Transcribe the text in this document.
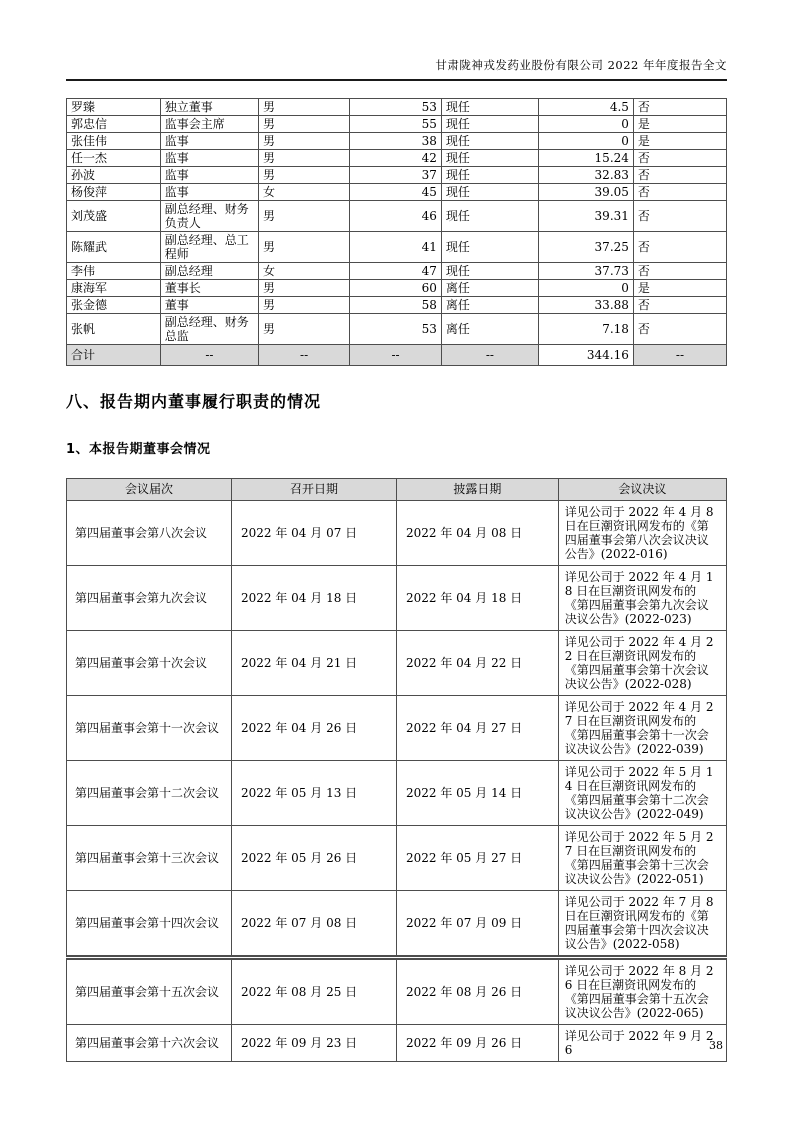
甘肃陇神戎发药业股份有限公司 2022 年年度报告全文
罗臻	独立董事	男	53	现任	4.5	否
郭忠信	监事会主席	男	55	现任	0	是
张佳伟	监事	男	38	现任	0	是
任一杰	监事	男	42	现任	15.24	否
孙波	监事	男	37	现任	32.83	否
杨俊萍	监事	女	45	现任	39.05	否
刘茂盛	副总经理、财务负责人	男	46	现任	39.31	否
陈耀武	副总经理、总工程师	男	41	现任	37.25	否
李伟	副总经理	女	47	现任	37.73	否
康海军	董事长	男	60	离任	0	是
张金德	董事	男	58	离任	33.88	否
张帆	副总经理、财务总监	男	53	离任	7.18	否
合计	--	--	--	--	344.16	--
八、报告期内董事履行职责的情况
1、本报告期董事会情况
会议届次	召开日期	披露日期	会议决议
第四届董事会第八次会议	2022 年 04 月 07 日	2022 年 04 月 08 日	详见公司于 2022 年 4 月 8 日在巨潮资讯网发布的《第四届董事会第八次会议决议公告》(2022-016)
第四届董事会第九次会议	2022 年 04 月 18 日	2022 年 04 月 18 日	详见公司于 2022 年 4 月 18 日在巨潮资讯网发布的《第四届董事会第九次会议决议公告》(2022-023)
第四届董事会第十次会议	2022 年 04 月 21 日	2022 年 04 月 22 日	详见公司于 2022 年 4 月 22 日在巨潮资讯网发布的《第四届董事会第十次会议决议公告》(2022-028)
第四届董事会第十一次会议	2022 年 04 月 26 日	2022 年 04 月 27 日	详见公司于 2022 年 4 月 27 日在巨潮资讯网发布的《第四届董事会第十一次会议决议公告》(2022-039)
第四届董事会第十二次会议	2022 年 05 月 13 日	2022 年 05 月 14 日	详见公司于 2022 年 5 月 14 日在巨潮资讯网发布的《第四届董事会第十二次会议决议公告》(2022-049)
第四届董事会第十三次会议	2022 年 05 月 26 日	2022 年 05 月 27 日	详见公司于 2022 年 5 月 27 日在巨潮资讯网发布的《第四届董事会第十三次会议决议公告》(2022-051)
第四届董事会第十四次会议	2022 年 07 月 08 日	2022 年 07 月 09 日	详见公司于 2022 年 7 月 8 日在巨潮资讯网发布的《第四届董事会第十四次会议决议公告》(2022-058)
第四届董事会第十五次会议	2022 年 08 月 25 日	2022 年 08 月 26 日	详见公司于 2022 年 8 月 26 日在巨潮资讯网发布的《第四届董事会第十五次会议决议公告》(2022-065)
第四届董事会第十六次会议	2022 年 09 月 23 日	2022 年 09 月 26 日	详见公司于 2022 年 9 月 26	38
